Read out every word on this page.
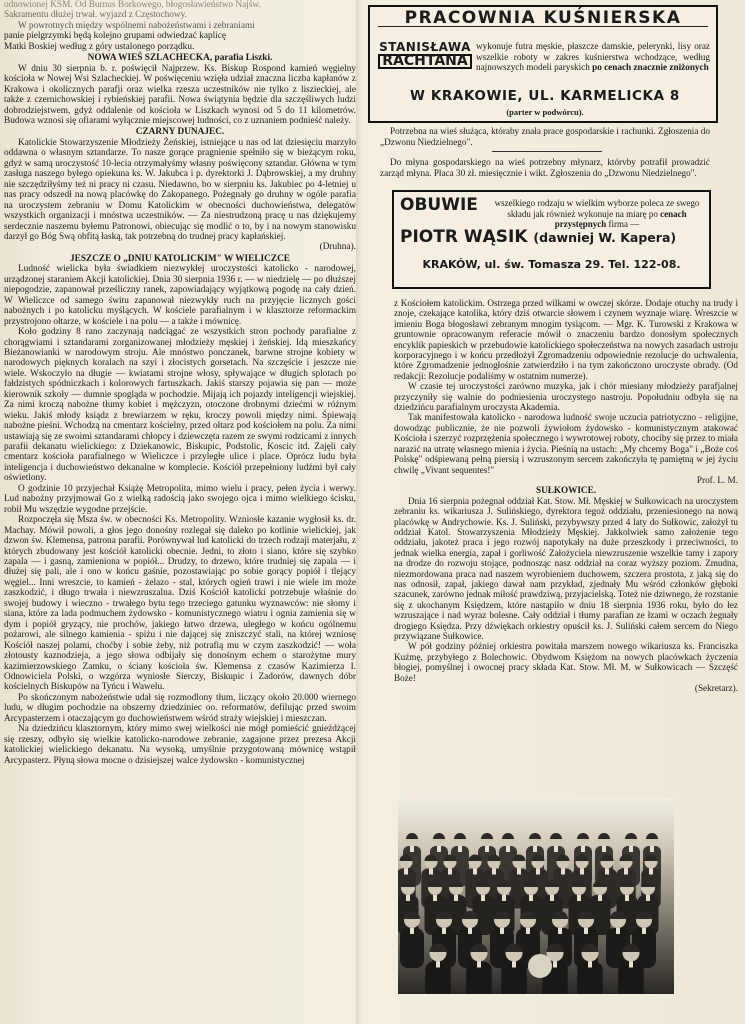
odnowionej KSM. Od Burnus Borkowego, błogosławieństwo Najśw.

Sakramentu dłużej trwał. wyjazd z Częstochowy.

W powrotnych między wspólnemi nabożeństwami i zebraniami

panie pielgrzymki będą kolejno grupami odwiedzać kaplicę

Matki Boskiej według z góry ustalonego porządku.

NOWA WIEŚ SZLACHECKA, parafia Liszki.

W dniu 30 sierpnia b. r. poświęcił Najprzew. Ks. Biskup Rospond kamień węgielny kościoła w Nowej Wsi Szlacheckiej. W poświęceniu wzięła udział znaczna liczba kapłanów z Krakowa i okolicznych parafji oraz wielka rzesza uczestników nie tylko z liszieckiej, ale także z czernichowskiej i rybieńskiej parafii. Nowa świątynia będzie dla szczęśliwych ludzi dobrodziejstwem, gdyż oddalenie od kościoła w Liszkach wynosi od 5 do 11 kilometrów. Budowa wznosi się ofiarami wyłącznie miejscowej ludności, co z uznaniem podnieść należy.

CZARNY DUNAJEC.

Katolickie Stowarzyszenie Młodzieży Żeńskiej, istniejące u nas od lat dziesięciu marzyło oddawna o własnym sztandarze. To nasze gorące pragnienie spełniło się w bieżącym roku, gdyż w samą uroczystość 10-lecia otrzymałyśmy własny poświęcony sztandar. Główna w tym zasługa naszego byłego opiekuna ks. W. Jakubca i p. dyrektorki J. Dąbrowskiej, a my druhny nie szczędziłyśmy też ni pracy ni czasu. Niedawno, bo w sierpniu ks. Jakubiec po 4-letniej u nas pracy odszedł na nową placówkę do Zakopanego. Pożegnały go druhny w ogóle parafia na uroczystem zebraniu w Domu Katolickim w obecności duchowieństwa, delegatów wszystkich organizacji i mnóstwa uczestników. — Za niestrudzoną pracę u nas dziękujemy serdecznie naszemu byłemu Patronowi, obiecując się modlić o to, by i na nowym stanowisku darzył go Bóg Swą obfitą łaską, tak potrzebną do trudnej pracy kapłańskiej.

(Druhna).

JESZCZE O „DNIU KATOLICKIM" W WIELICZCE

Ludność wielicka była świadkiem niezwykłej uroczystości katolicko - narodowej, urządzonej staraniem Akcji katolickiej. Dnia 30 sierpnia 1936 r. — w niedzielę — po dłuższej niepogodzie, zapanował prześliczny ranek, zapowiadający wyjątkową pogodę na cały dzień. W Wieliczce od samego świtu zapanował niezwykły ruch na przyjęcie licznych gości nabożnych i po katolicku myślących. W kościele parafialnym i w klasztorze reformackim przystrojono ołtarze, w kościele i na polu — a także i mównicę.

Koło godziny 8 rano zaczynają nadciągać ze wszystkich stron pochody parafialne z chorągwiami i sztandarami zorganizowanej młodzieży męskiej i żeńskiej. Idą mieszkańcy Bieżanowianki w narodowym stroju. Ale mnóstwo ponczanek, barwne strojne kobiety w narodowych pięknych koralach na szyi i złocistych gorsetach. Na szczęście i jeszcze nie wiele. Wskoczyło na długie — kwiatami strojne włosy, spływające w długich splotach po fałdzistych spódniczkach i kolorowych fartuszkach. Jakiś starszy pojawia się pan — może kierownik szkoły — dumnie spogląda w pochodzie. Mijają ich pojazdy inteligencji wiejskiej. Za nimi kroczą nabożne tłumy kobiet i mężczyzn, otoczone drobnymi dziećmi w różnym wieku. Jakiś młody ksiądz z brewiarzem w ręku, kroczy powoli między nimi. Śpiewają nabożne pieśni. Wchodzą na cmentarz kościelny, przed ołtarz pod kościołem na polu. Za nimi ustawiają się ze swoimi sztandarami chłopcy i dziewczęta razem ze swymi rodzicami z innych parafii dekanatu wielickiego: z Dziekanowic, Biskupic, Podstolic, Koscic itd. Zajęli cały cmentarz kościoła parafialnego w Wieliczce i przyległe ulice i place. Oprócz ludu była inteligencja i duchowieństwo dekanalne w komplecie. Kościół przepełniony ludźmi był cały oświetlony.

O godzinie 10 przyjechał Książę Metropolita, mimo wielu i pracy, pełen życia i werwy. Lud naboźny przyjmował Go z wielką radością jako swojego ojca i mimo wielkiego ścisku, robił Mu wszędzie wygodne przejście.

Rozpoczęła się Msza św. w obecności Ks. Metropolity. Wzniosłe kazanie wygłosił ks. dr. Machay. Mówił powoli, a głos jego donośny rozlegał się daleko po kotlinie wielickiej, jak dzwon św. Klemensa, patrona parafii. Porównywał lud katolicki do trzech rodzaji materjału, z których zbudowany jest kościół katolicki obecnie. Jedni, to złoto i siano, które się szybko zapala — i gasną, zamieniona w popiół... Drudzy, to drzewo, które trudniej się zapala — i dłużej się pali, ale i ono w końcu gaśnie, pozostawiając po sobie gorący popiół i tlejący węgiel... Inni wreszcie, to kamień - żelazo - stal, których ogień trawi i nie wiele im może zaszkodzić, i długo trwała i niewzruszalna. Dziś Kościół katolicki potrzebuje właśnie do swojej budowy i wieczno - trwałego bytu tego trzeciego gatunku wyznawców: nie słomy i siana, które za lada podmuchem żydowsko - komunistycznego wiatru i ognia zamienia się w dym i popiół gryzący, nie prochów, jakiego łatwo drzewa, uległego w końcu ogólnemu pożarowi, ale silnego kamienia - spiżu i nie dającej się zniszczyć stali, na której wzniosę Kościół naszej polami, choćby i sobie żeby, niż potrafią mu w czym zaszkodzić! — woła złotousty kaznodzieja, a jego słowa odbijały się donośnym echem o starożytne mury kazimierzowskiego Zamku, o ściany kościoła św. Klemensa z czasów Kazimierza I. Odnowiciela Polski, o wzgórza wyniosłe Sierczy, Biskupic i Zadorów, dawnych dóbr kościelnych Biskupów na Tyńcu i Wawelu.

Po skończonym nabożeństwie udał się rozmodlony tłum, liczący około 20.000 wiernego ludu, w długim pochodzie na obszerny dziedziniec oo. reformatów, defilując przed swoim Arcypasterzem i otaczającym go duchowieństwem wśród straży wiejskiej i mieszczan.

Na dziedzińcu klasztornym, który mimo swej wielkości nie mógł pomieścić gnieżdżącej się rzeszy, odbyło się wielkie katolicko-narodowe zebranie, zagajone przez prezesa Akcji katolickiej wielickiego dekanatu. Na wysoką, umyślnie przygotowaną mównicę wstąpił Arcypasterz. Płyną słowa mocne o dzisiejszej walce żydowsko - komunistycznej

PRACOWNIA KUŚNIERSKA
STANISŁAWA
RACHTANA
wykonuje futra męskie, płaszcze damskie, pelerynki, lisy oraz wszelkie roboty w zakres kuśnierstwa wchodzące, według najnowszych modeli paryskich po cenach znacznie zniżonych
W KRAKOWIE, UL. KARMELICKA 8
(parter w podwórcu).
Potrzebna na wieś służąca, któraby znała prace gospodarskie i rachunki. Zgłoszenia do „Dzwonu Niedzielnego".
Do młyna gospodarskiego na wieś potrzebny młynarz, którvby potrafił prowadzić zarząd młyna. Płaca 30 zł. miesięcznie i wikt. Zgłoszenia do „Dzwonu Niedzielnego".
OBUWIE wszelkiego rodzaju w wielkim wyborze poleca ze swego składu jak również wykonuje na miarę po cenach przystępnych firma —
PIOTR WĄSIK (dawniej W. Kapera)
KRAKÓW, ul. św. Tomasza 29. Tel. 122-08.

z Kościołem katolickim. Ostrzega przed wilkami w owczej skórze. Dodaje otuchy na trudy i znoje, czekające katolika, który dziś otwarcie słowem i czynem wyznaje wiarę. Wreszcie w imieniu Boga błogosławi zebranym mnogim tysiącom. — Mgr. K. Turowski z Krakowa w gruntownie opracowanym referacie mówił o znaczeniu bardzo donosłym społecznych encyklik papieskich w przebudowie katolickiego społeczeństwa na nowych zasadach ustroju korporacyjnego i w końcu przedłożył Zgromadzeniu odpowiednie rezolucje do uchwalenia, które Zgromadzenie jednogłośnie zatwierdziło i na tym zakończono uroczyste obrady. (Od redakcji: Rezolucje podaliśmy w ostatnim numerze).

W czasie tej uroczystości zarówno muzyka, jak i chór miesiany młodzieży parafjalnej przyczyniły się walnie do podniesienia uroczystego nastroju. Popołudniu odbyła się na dziedzińcu parafialnym uroczysta Akademia.

Tak manifestowała katolicko - narodowa ludność swoje uczucia patriotyczno - religijne, dowodząc publicznie, że nie pozwoli żywiołom żydowsko - komunistycznym atakować Kościoła i szerzyć rozprzężenia społecznego i wywrotowej roboty, chociby się przez to miała narazić na utratę własnego mienia i życia. Pieśnią na ustach: „My chcemy Boga" i „Boże coś Polskę" odśpiewaną pełną piersią i wzruszonym sercem zakończyła tę pamiętną w jej życiu chwilę „Vivant sequentes!"

Prof. L. M.

SUŁKOWICE.

Dnia 16 sierpnia pożegnał oddział Kat. Stow. Mł. Męskiej w Sułkowicach na uroczystem zebraniu ks. wikariusza J. Sulińskiego, dyrektora tegoż oddziału, przeniesionego na nową placówkę w Andrychowie. Ks. J. Suliński, przybywszy przed 4 laty do Sułkowic, założył tu oddział Katol. Stowarzyszenia Młodzieży Męskiej. Jakkolwiek samo założenie tego oddziału, jakoteż praca i jego rozwój napotykały na duże przeszkody i przeciwności, to jednak wielka energia, zapał i gorliwość Założyciela niewzruszenie wszelkie tamy i zapory na drodze do rozwoju stojące, podnosząc nasz oddział na coraz wyższy poziom. Zmudna, niezmordowana praca nad naszem wyrobieniem duchowem, szczera prostota, z jaką się do nas odnosił, zapał, jakiego dawał nam przykład, zjednały Mu wśród członków głęboki szacunek, zarówno jednak miłość prawdziwą, przyjacielską. Toteż nie dziwnego, że rozstanie się z ukochanym Księdzem, które nastąpiło w dniu 18 sierpnia 1936 roku, było do łez wzruszające i nad wyraz bolesne. Cały oddział i tłumy parafian ze łzami w oczach żegnały drogiego Księdza. Przy dźwiękach orkiestry opuścił ks. J. Suliński całem sercem do Niego przywiązane Sułkowice.

W pół godziny później orkiestra powitała marszem nowego wikariusza ks. Franciszka Kuźmę, przybyłego z Bolechowic. Obydwom Księżom na nowych placówkach życzenia błogiej, pomyślnej i owocnej pracy składa Kat. Stow. Mł. M. w Sułkowicach — Szczęść Boże!

(Sekretarz).
